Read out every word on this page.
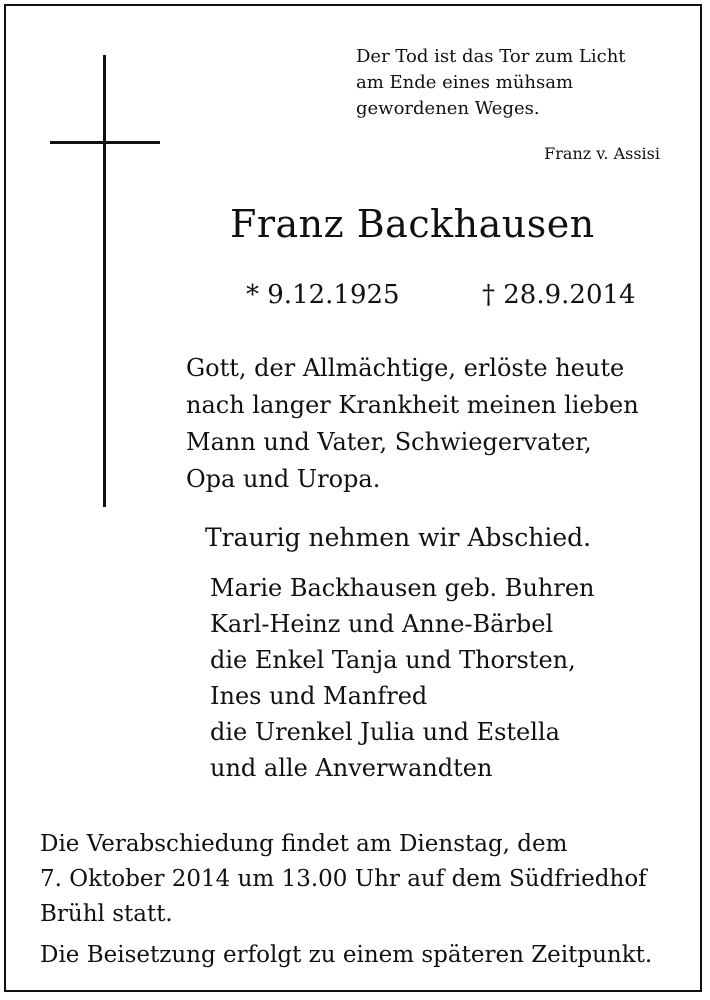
Der Tod ist das Tor zum Licht
am Ende eines mühsam
gewordenen Weges.
Franz v. Assisi
Franz Backhausen
* 9.12.1925	† 28.9.2014
Gott, der Allmächtige, erlöste heute
nach langer Krankheit meinen lieben
Mann und Vater, Schwiegervater,
Opa und Uropa.
Traurig nehmen wir Abschied.
Marie Backhausen geb. Buhren
Karl-Heinz und Anne-Bärbel
die Enkel Tanja und Thorsten,
Ines und Manfred
die Urenkel Julia und Estella
und alle Anverwandten
Die Verabschiedung findet am Dienstag, dem
7. Oktober 2014 um 13.00 Uhr auf dem Südfriedhof
Brühl statt.
Die Beisetzung erfolgt zu einem späteren Zeitpunkt.
